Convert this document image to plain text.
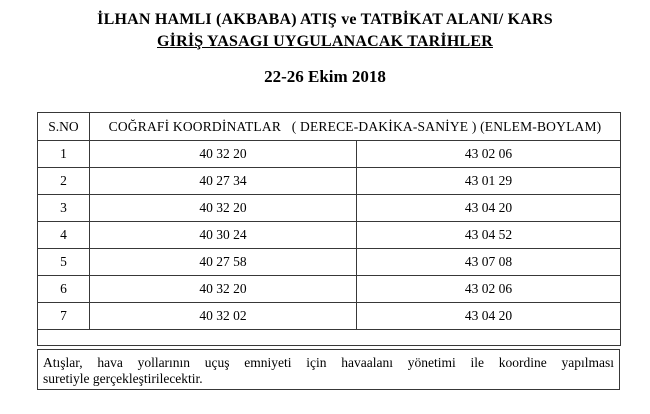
İLHAN HAMLI (AKBABA) ATIŞ ve TATBİKAT ALANI/ KARS
GİRİŞ YASAGI UYGULANACAK TARİHLER
22-26 Ekim 2018
S.NO	COĞRAFİ KOORDİNATLAR   ( DERECE-DAKİKA-SANİYE ) (ENLEM-BOYLAM)	
1	40 32 20	43 02 06
2	40 27 34	43 01 29
3	40 32 20	43 04 20
4	40 30 24	43 04 52
5	40 27 58	43 07 08
6	40 32 20	43 02 06
7	40 32 02	43 04 20

Atışlar, hava yollarının uçuş emniyeti için havaalanı yönetimi ile koordine yapılması
suretiyle gerçekleştirilecektir.
